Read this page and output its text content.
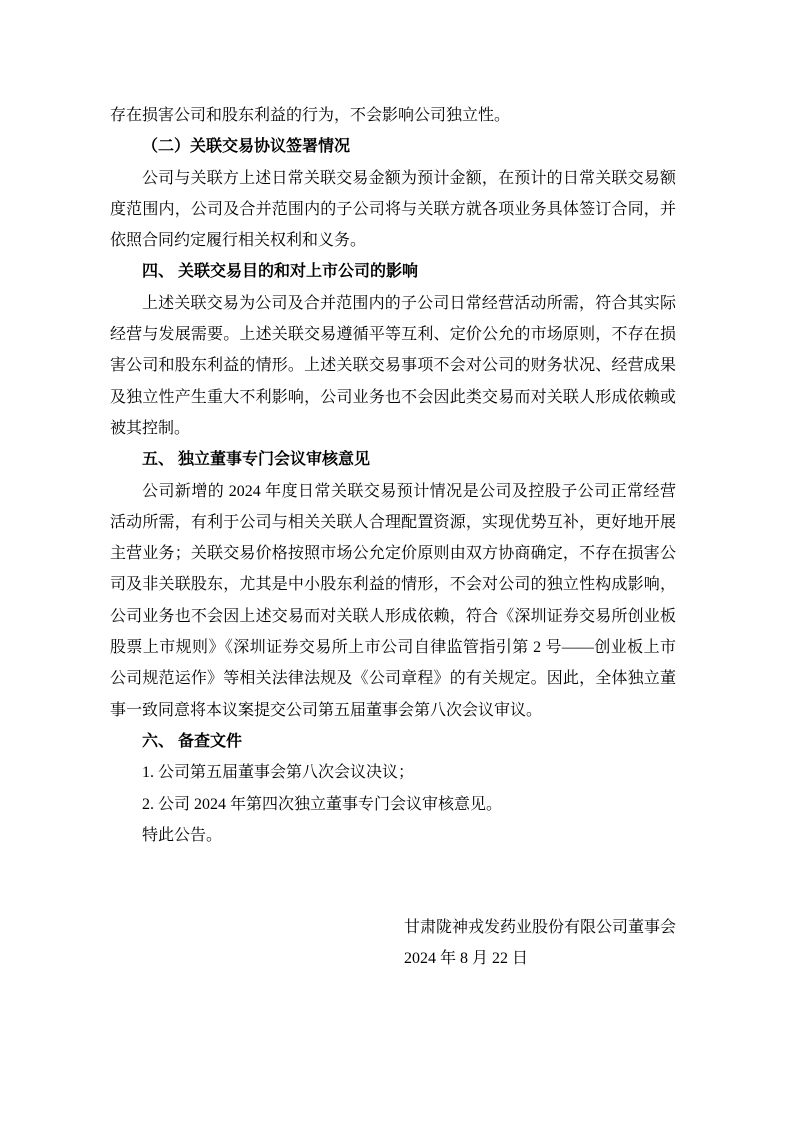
存在损害公司和股东利益的行为，不会影响公司独立性。
（二）关联交易协议签署情况
公司与关联方上述日常关联交易金额为预计金额，在预计的日常关联交易额
度范围内，公司及合并范围内的子公司将与关联方就各项业务具体签订合同，并
依照合同约定履行相关权利和义务。
四、 关联交易目的和对上市公司的影响
上述关联交易为公司及合并范围内的子公司日常经营活动所需，符合其实际
经营与发展需要。上述关联交易遵循平等互利、定价公允的市场原则，不存在损
害公司和股东利益的情形。上述关联交易事项不会对公司的财务状况、经营成果
及独立性产生重大不利影响，公司业务也不会因此类交易而对关联人形成依赖或
被其控制。
五、 独立董事专门会议审核意见
公司新增的 2024 年度日常关联交易预计情况是公司及控股子公司正常经营
活动所需，有利于公司与相关关联人合理配置资源，实现优势互补，更好地开展
主营业务；关联交易价格按照市场公允定价原则由双方协商确定，不存在损害公
司及非关联股东，尤其是中小股东利益的情形，不会对公司的独立性构成影响，
公司业务也不会因上述交易而对关联人形成依赖，符合《深圳证券交易所创业板
股票上市规则》《深圳证券交易所上市公司自律监管指引第 2 号——创业板上市
公司规范运作》等相关法律法规及《公司章程》的有关规定。因此，全体独立董
事一致同意将本议案提交公司第五届董事会第八次会议审议。
六、 备查文件
1. 公司第五届董事会第八次会议决议；
2. 公司 2024 年第四次独立董事专门会议审核意见。
特此公告。
甘肃陇神戎发药业股份有限公司董事会
2024 年 8 月 22 日
